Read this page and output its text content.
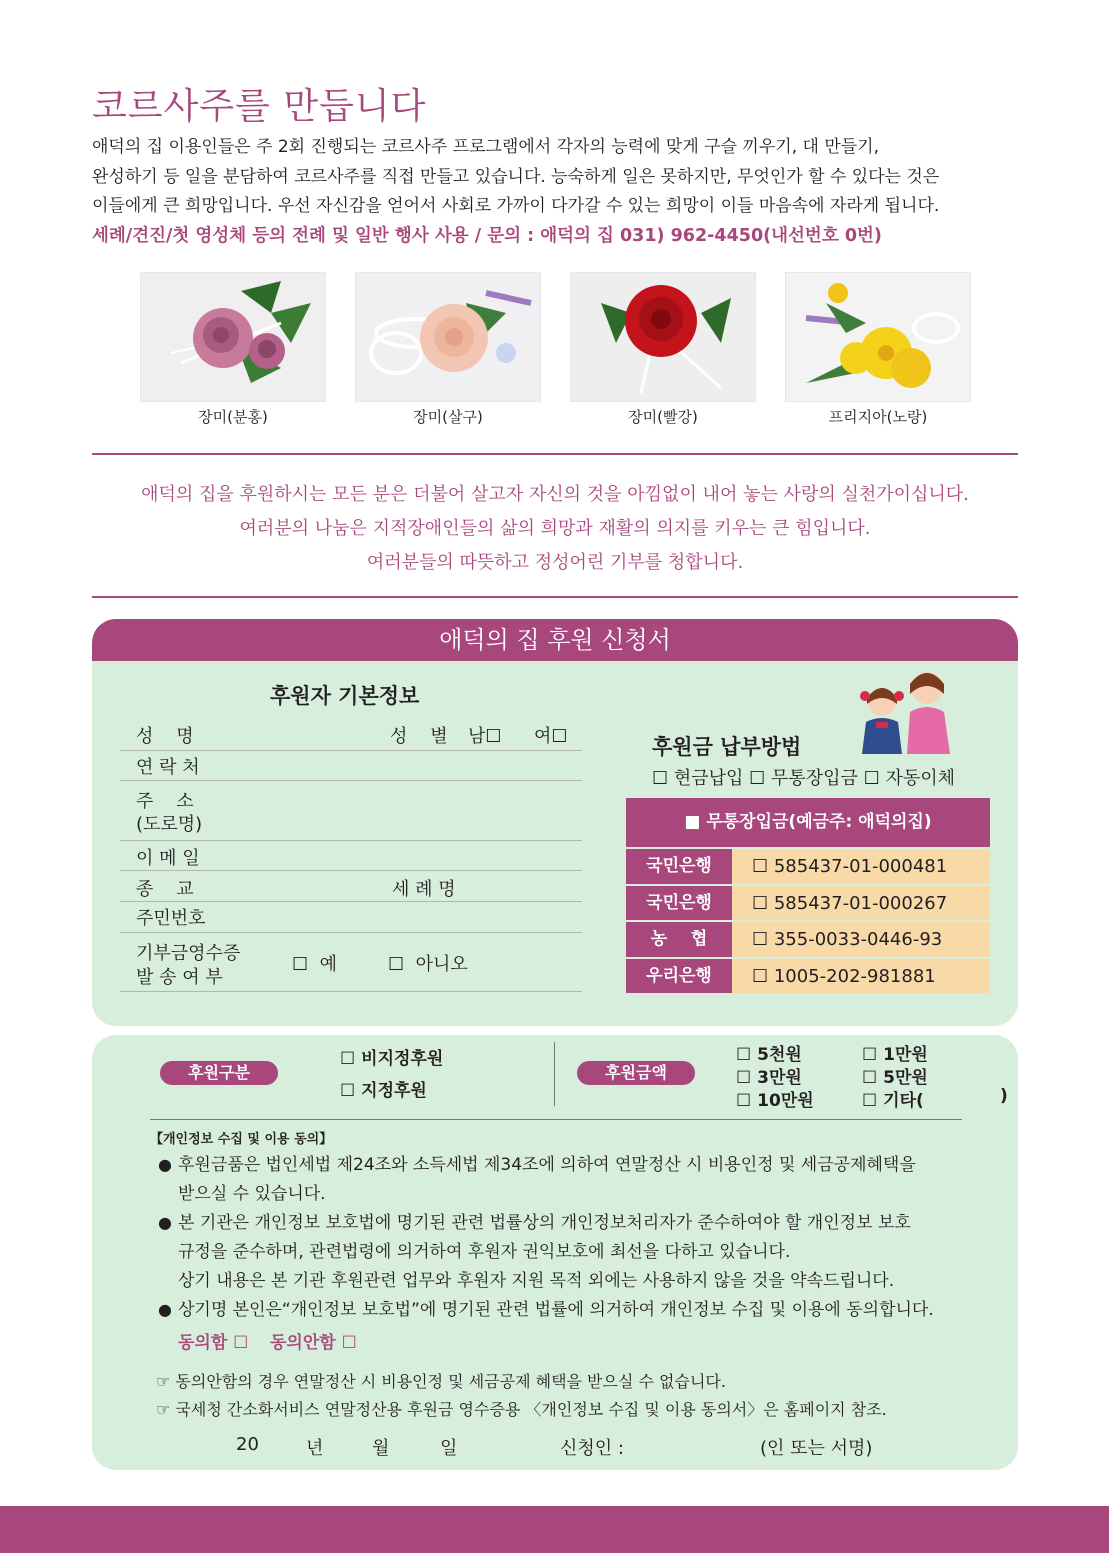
코르사주를 만듭니다
애덕의 집 이용인들은 주 2회 진행되는 코르사주 프로그램에서 각자의 능력에 맞게 구슬 끼우기, 대 만들기,
완성하기 등 일을 분담하여 코르사주를 직접 만들고 있습니다. 능숙하게 일은 못하지만, 무엇인가 할 수 있다는 것은
이들에게 큰 희망입니다. 우선 자신감을 얻어서 사회로 가까이 다가갈 수 있는 희망이 이들 마음속에 자라게 됩니다.
세례/견진/첫 영성체 등의 전례 및 일반 행사 사용 / 문의 : 애덕의 집 031) 962-4450(내선번호 0번)
장미(분홍)	장미(살구)	장미(빨강)	프리지아(노랑)
애덕의 집을 후원하시는 모든 분은 더불어 살고자 자신의 것을 아낌없이 내어 놓는 사랑의 실천가이십니다.
여러분의 나눔은 지적장애인들의 삶의 희망과 재활의 의지를 키우는 큰 힘입니다.
여러분들의 따뜻하고 정성어린 기부를 청합니다.
애덕의 집 후원 신청서
후원자 기본정보
성    명	성    별 남☐ 여☐
연 락 처
주    소
(도로명)
이 메 일
종    교	세 례 명
주민번호
기부금영수증
발 송 여 부
☐  예	☐  아니오
후원금 납부방법
☐ 현금납입 ☐ 무통장입금 ☐ 자동이체
■ 무통장입금(예금주: 애덕의집)
국민은행	☐ 585437-01-000481
국민은행	☐ 585437-01-000267
농    협	☐ 355-0033-0446-93
우리은행	☐ 1005-202-981881
후원구분
☐ 비지정후원
☐ 지정후원
후원금액
☐ 5천원	☐ 1만원
☐ 3만원	☐ 5만원
☐ 10만원	☐ 기타(	)
【개인정보 수집 및 이용 동의】
● 후원금품은 법인세법 제24조와 소득세법 제34조에 의하여 연말정산 시 비용인정 및 세금공제혜택을
받으실 수 있습니다.
● 본 기관은 개인정보 보호법에 명기된 관련 법률상의 개인정보처리자가 준수하여야 할 개인정보 보호
규정을 준수하며, 관련법령에 의거하여 후원자 권익보호에 최선을 다하고 있습니다.
상기 내용은 본 기관 후원관련 업무와 후원자 지원 목적 외에는 사용하지 않을 것을 약속드립니다.
● 상기명 본인은“개인정보 보호법”에 명기된 관련 법률에 의거하여 개인정보 수집 및 이용에 동의합니다.
동의함 ☐ 동의안함 ☐
☞ 동의안함의 경우 연말정산 시 비용인정 및 세금공제 혜택을 받으실 수 없습니다.
☞ 국세청 간소화서비스 연말정산용 후원금 영수증용 〈개인정보 수집 및 이용 동의서〉은 홈페이지 참조.
20	년	월	일	신청인 :	(인 또는 서명)
